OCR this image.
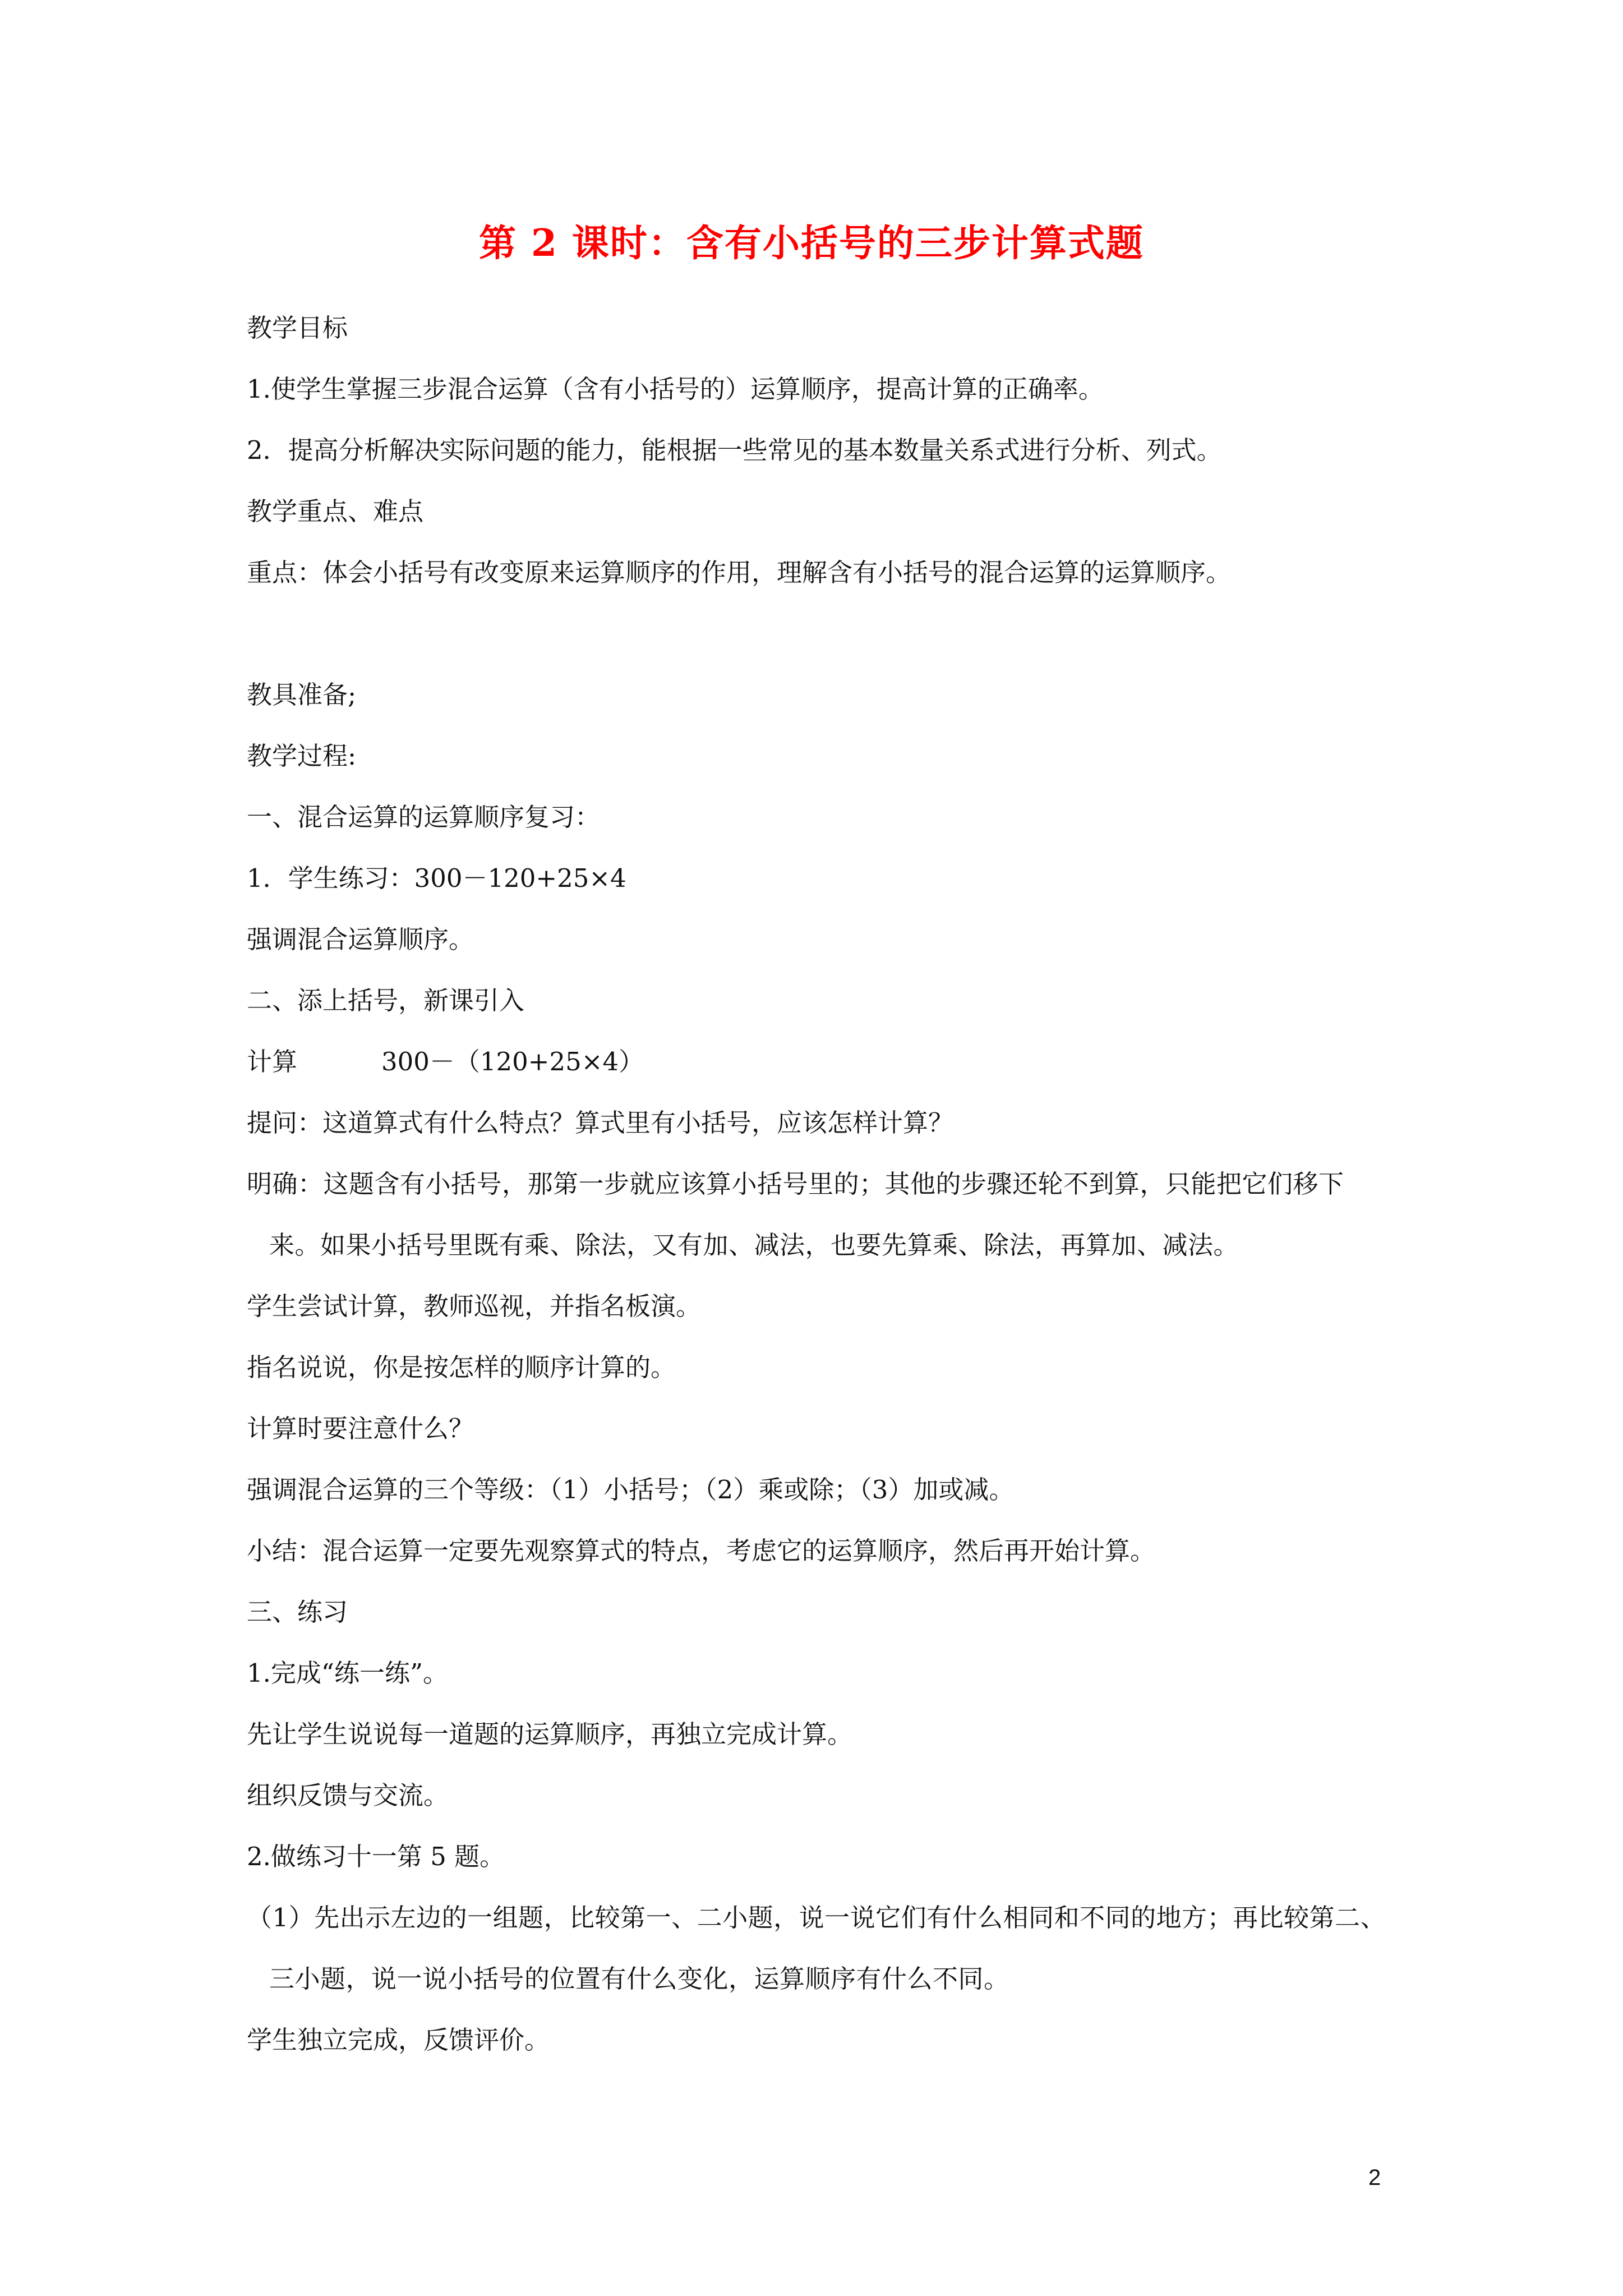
第 2 课时：含有小括号的三步计算式题
教学目标
1.使学生掌握三步混合运算（含有小括号的）运算顺序，提高计算的正确率。
2．提高分析解决实际问题的能力，能根据一些常见的基本数量关系式进行分析、列式。
教学重点、难点
重点：体会小括号有改变原来运算顺序的作用，理解含有小括号的混合运算的运算顺序。
教具准备;
教学过程:
一、混合运算的运算顺序复习：
1．学生练习：300－120+25×4
强调混合运算顺序。
二、添上括号，新课引入
计算	300－（120+25×4）
提问：这道算式有什么特点？算式里有小括号，应该怎样计算？
明确：这题含有小括号，那第一步就应该算小括号里的；其他的步骤还轮不到算，只能把它们移下来。如果小括号里既有乘、除法，又有加、减法，也要先算乘、除法，再算加、减法。
学生尝试计算，教师巡视，并指名板演。
指名说说，你是按怎样的顺序计算的。
计算时要注意什么？
强调混合运算的三个等级：（1）小括号；（2）乘或除；（3）加或减。
小结：混合运算一定要先观察算式的特点，考虑它的运算顺序，然后再开始计算。
三、练习
1.完成“练一练”。
先让学生说说每一道题的运算顺序，再独立完成计算。
组织反馈与交流。
2.做练习十一第 5 题。
（1）先出示左边的一组题，比较第一、二小题，说一说它们有什么相同和不同的地方；再比较第二、三小题，说一说小括号的位置有什么变化，运算顺序有什么不同。
学生独立完成，反馈评价。
2
